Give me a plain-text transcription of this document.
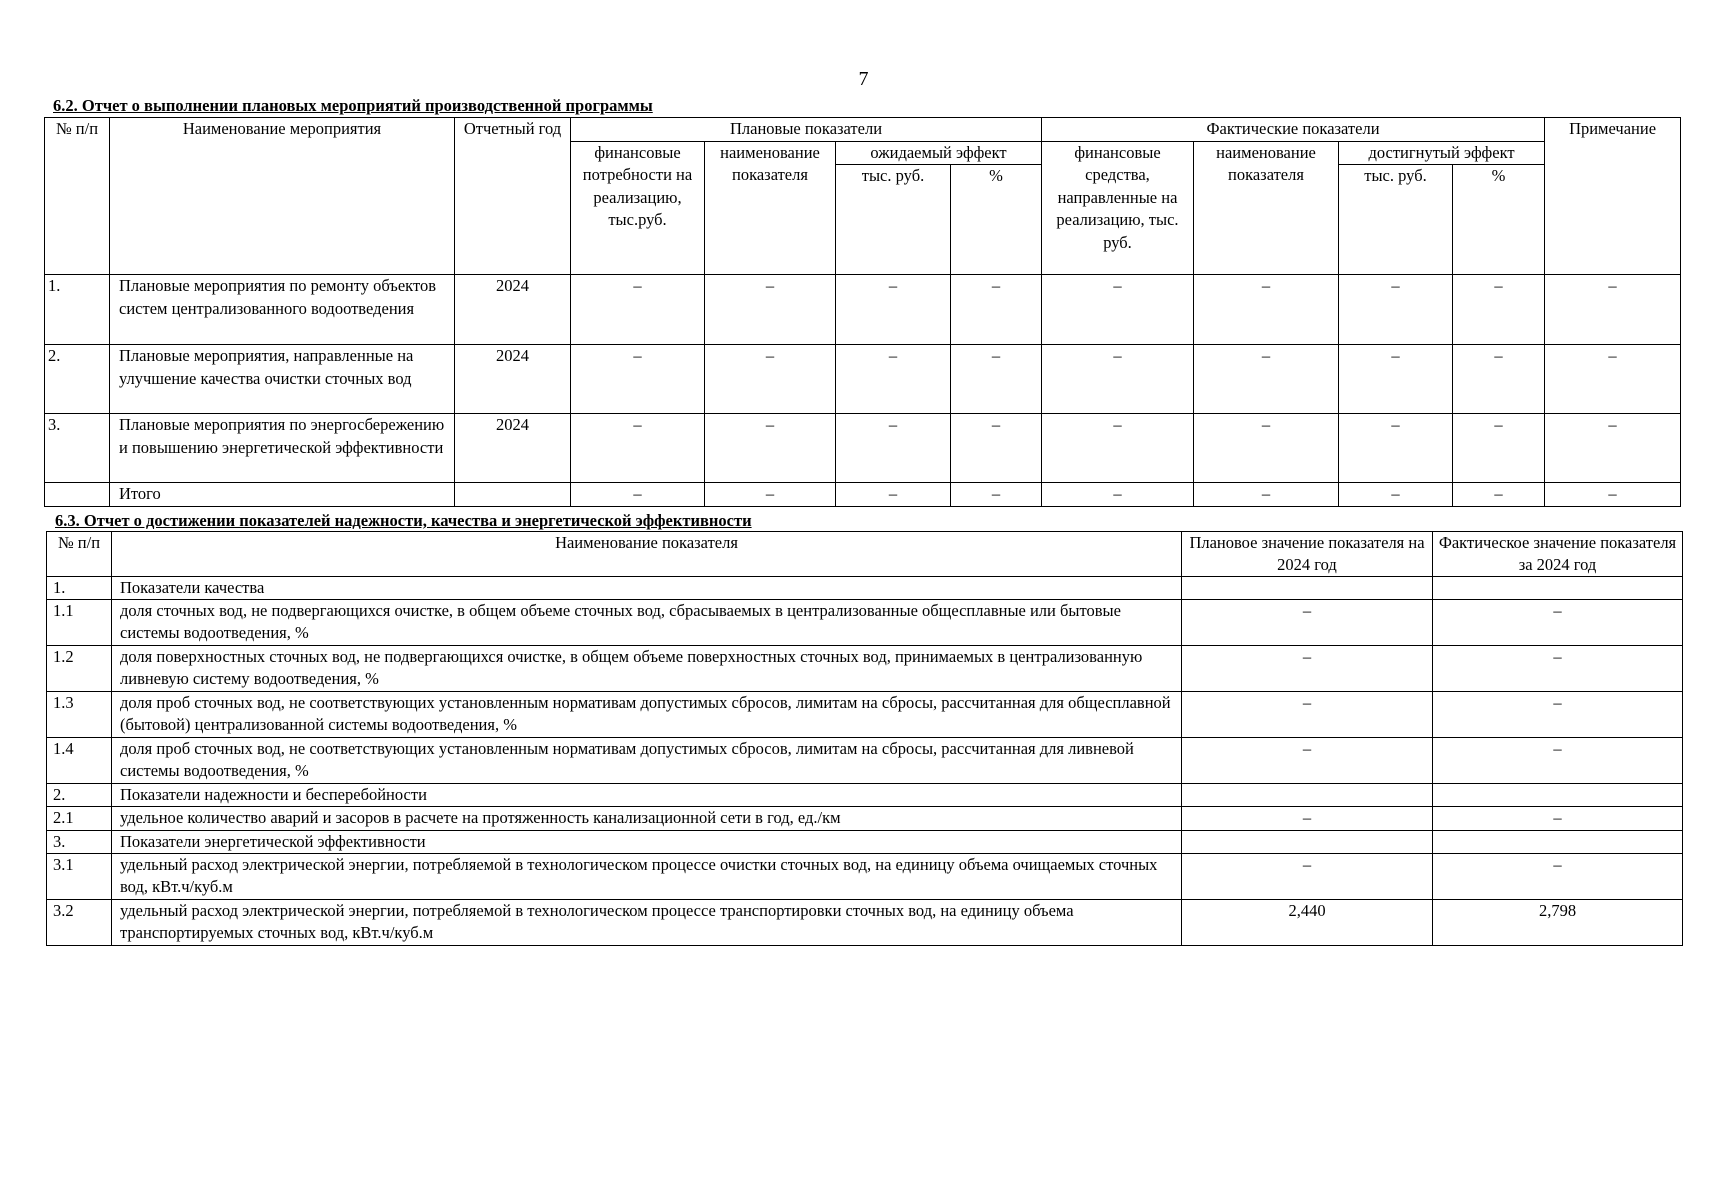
7
6.2. Отчет о выполнении плановых мероприятий производственной программы
№ п/п	Наименование мероприятия	Отчетный год	Плановые показатели				Фактические показатели				Примечание
			финансовые потребности на реализацию, тыс.руб.	наименование показателя	ожидаемый эффект		финансовые средства, направленные на реализацию, тыс. руб.	наименование показателя	достигнутый эффект		
					тыс. руб.	%			тыс. руб.	%	
1.	Плановые мероприятия по ремонту объектов систем централизованного водоотведения	2024	–	–	–	–	–	–	–	–	–
2.	Плановые мероприятия, направленные на улучшение качества очистки сточных вод	2024	–	–	–	–	–	–	–	–	–
3.	Плановые мероприятия по энергосбережению и повышению энергетической эффективности	2024	–	–	–	–	–	–	–	–	–
	Итого		–	–	–	–	–	–	–	–	–
6.3. Отчет о достижении показателей надежности, качества и энергетической эффективности
№ п/п	Наименование показателя	Плановое значение показателя на 2024 год	Фактическое значение показателя за 2024 год
1.	Показатели качества		
1.1	доля сточных вод, не подвергающихся очистке, в общем объеме сточных вод, сбрасываемых в централизованные общесплавные или бытовые системы водоотведения, %	–	–
1.2	доля поверхностных сточных вод, не подвергающихся очистке, в общем объеме поверхностных сточных вод, принимаемых в централизованную ливневую систему водоотведения, %	–	–
1.3	доля проб сточных вод, не соответствующих установленным нормативам допустимых сбросов, лимитам на сбросы, рассчитанная для общесплавной (бытовой) централизованной системы водоотведения, %	–	–
1.4	доля проб сточных вод, не соответствующих установленным нормативам допустимых сбросов, лимитам на сбросы, рассчитанная для ливневой системы водоотведения, %	–	–
2.	Показатели надежности и бесперебойности		
2.1	удельное количество аварий и засоров в расчете на протяженность канализационной сети в год, ед./км	–	–
3.	Показатели энергетической эффективности		
3.1	удельный расход электрической энергии, потребляемой в технологическом процессе очистки сточных вод, на единицу объема очищаемых сточных вод, кВт.ч/куб.м	–	–
3.2	удельный расход электрической энергии, потребляемой в технологическом процессе транспортировки сточных вод, на единицу объема транспортируемых сточных вод, кВт.ч/куб.м	2,440	2,798
